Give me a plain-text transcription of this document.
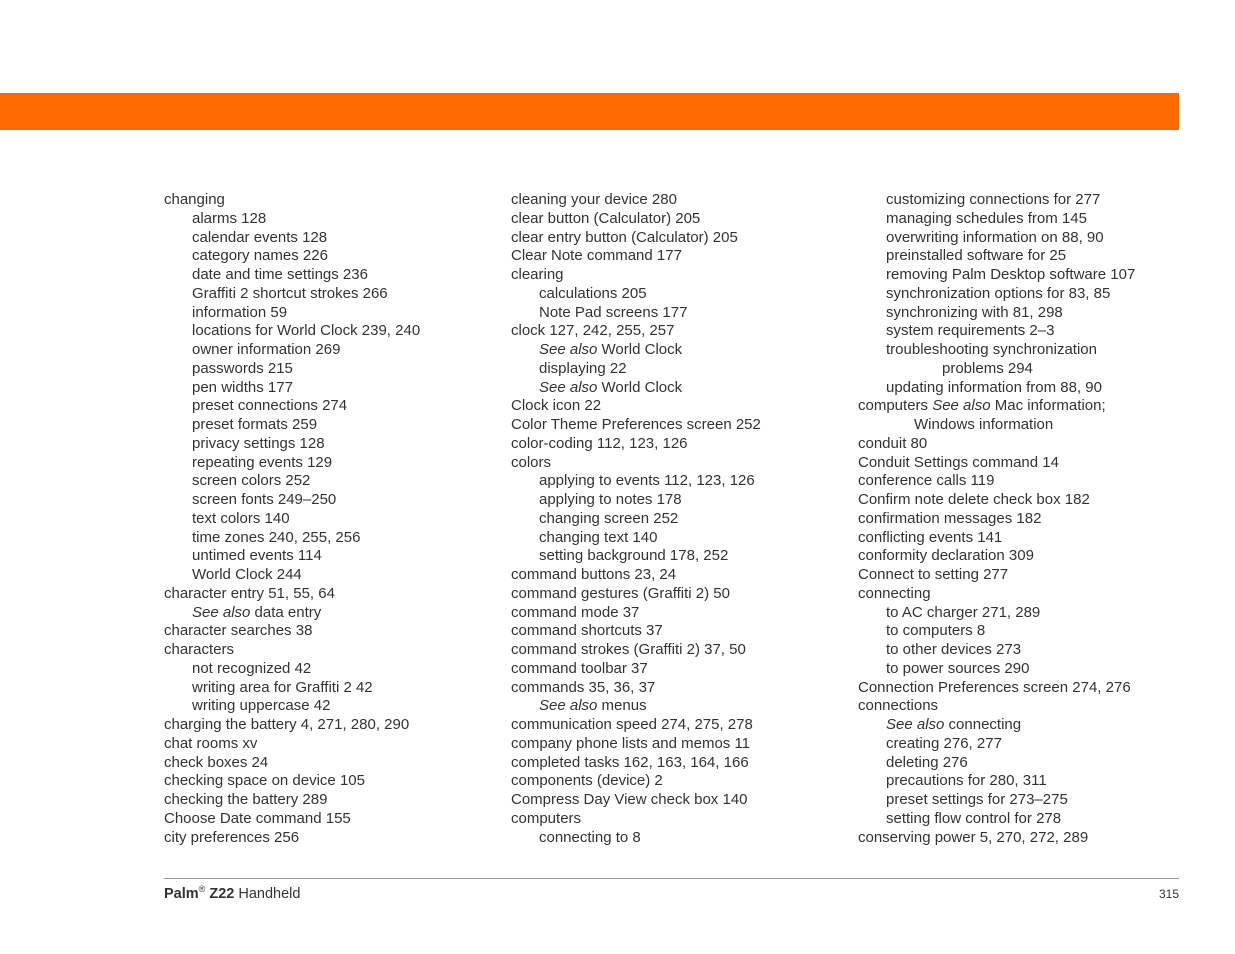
changing
alarms 128
calendar events 128
category names 226
date and time settings 236
Graffiti 2 shortcut strokes 266
information 59
locations for World Clock 239, 240
owner information 269
passwords 215
pen widths 177
preset connections 274
preset formats 259
privacy settings 128
repeating events 129
screen colors 252
screen fonts 249–250
text colors 140
time zones 240, 255, 256
untimed events 114
World Clock 244
character entry 51, 55, 64
See also data entry
character searches 38
characters
not recognized 42
writing area for Graffiti 2 42
writing uppercase 42
charging the battery 4, 271, 280, 290
chat rooms xv
check boxes 24
checking space on device 105
checking the battery 289
Choose Date command 155
city preferences 256
cleaning your device 280
clear button (Calculator) 205
clear entry button (Calculator) 205
Clear Note command 177
clearing
calculations 205
Note Pad screens 177
clock 127, 242, 255, 257
See also World Clock
displaying 22
See also World Clock
Clock icon 22
Color Theme Preferences screen 252
color-coding 112, 123, 126
colors
applying to events 112, 123, 126
applying to notes 178
changing screen 252
changing text 140
setting background 178, 252
command buttons 23, 24
command gestures (Graffiti 2) 50
command mode 37
command shortcuts 37
command strokes (Graffiti 2) 37, 50
command toolbar 37
commands 35, 36, 37
See also menus
communication speed 274, 275, 278
company phone lists and memos 11
completed tasks 162, 163, 164, 166
components (device) 2
Compress Day View check box 140
computers
connecting to 8
customizing connections for 277
managing schedules from 145
overwriting information on 88, 90
preinstalled software for 25
removing Palm Desktop software 107
synchronization options for 83, 85
synchronizing with 81, 298
system requirements 2–3
troubleshooting synchronization
problems 294
updating information from 88, 90
computers See also Mac information;
Windows information
conduit 80
Conduit Settings command 14
conference calls 119
Confirm note delete check box 182
confirmation messages 182
conflicting events 141
conformity declaration 309
Connect to setting 277
connecting
to AC charger 271, 289
to computers 8
to other devices 273
to power sources 290
Connection Preferences screen 274, 276
connections
See also connecting
creating 276, 277
deleting 276
precautions for 280, 311
preset settings for 273–275
setting flow control for 278
conserving power 5, 270, 272, 289
Palm® Z22 Handheld	315
